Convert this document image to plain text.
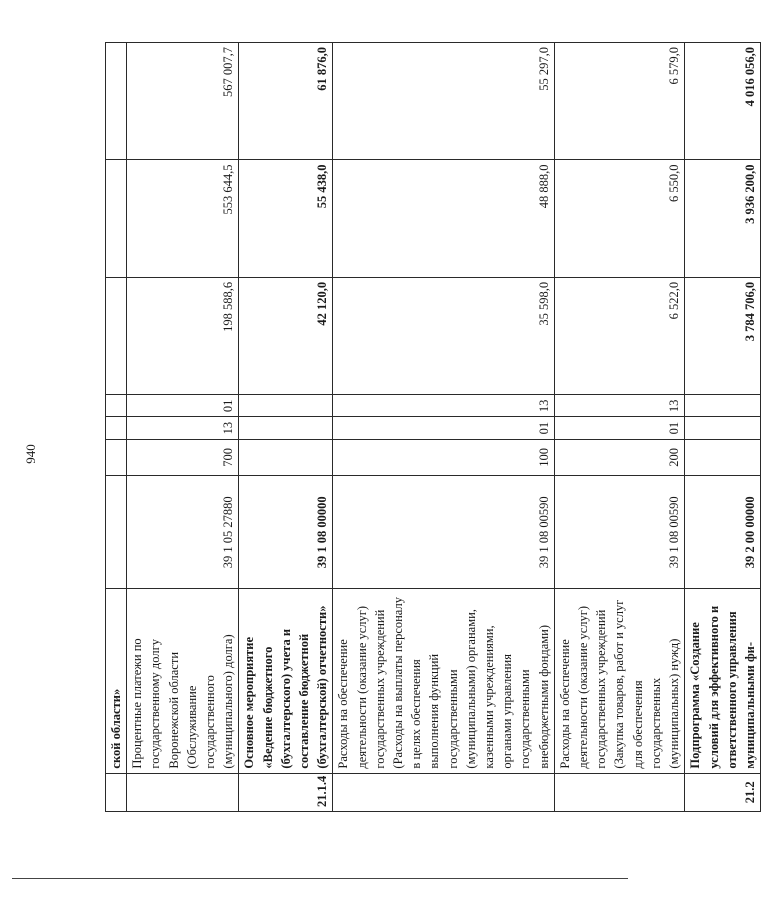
940
	ской области»							
	Процентные платежи по государственному долгу Воронежской области (Обслуживание государственного (муниципального) долга)	39 1 05 27880	700	13	01	198 588,6	553 644,5	567 007,7
21.1.4	Основное мероприятие «Ведение бюджетного (бухгалтерского) учета и составление бюджетной (бухгалтерской) отчетности»	39 1 08 00000				42 120,0	55 438,0	61 876,0
	Расходы на обеспечение деятельности (оказание услуг) государственных учреждений (Расходы на выплаты персоналу в целях обеспечения выполнения функций государственными (муниципальными) органами, казенными учреждениями, органами управления государственными внебюджетными фондами)	39 1 08 00590	100	01	13	35 598,0	48 888,0	55 297,0
	Расходы на обеспечение деятельности (оказание услуг) государственных учреждений (Закупка товаров, работ и услуг для обеспечения государственных (муниципальных) нужд)	39 1 08 00590	200	01	13	6 522,0	6 550,0	6 579,0
21.2	Подпрограмма «Создание условий для эффективного и ответственного управления муниципальными фи-	39 2 00 00000				3 784 706,0	3 936 200,0	4 016 056,0
